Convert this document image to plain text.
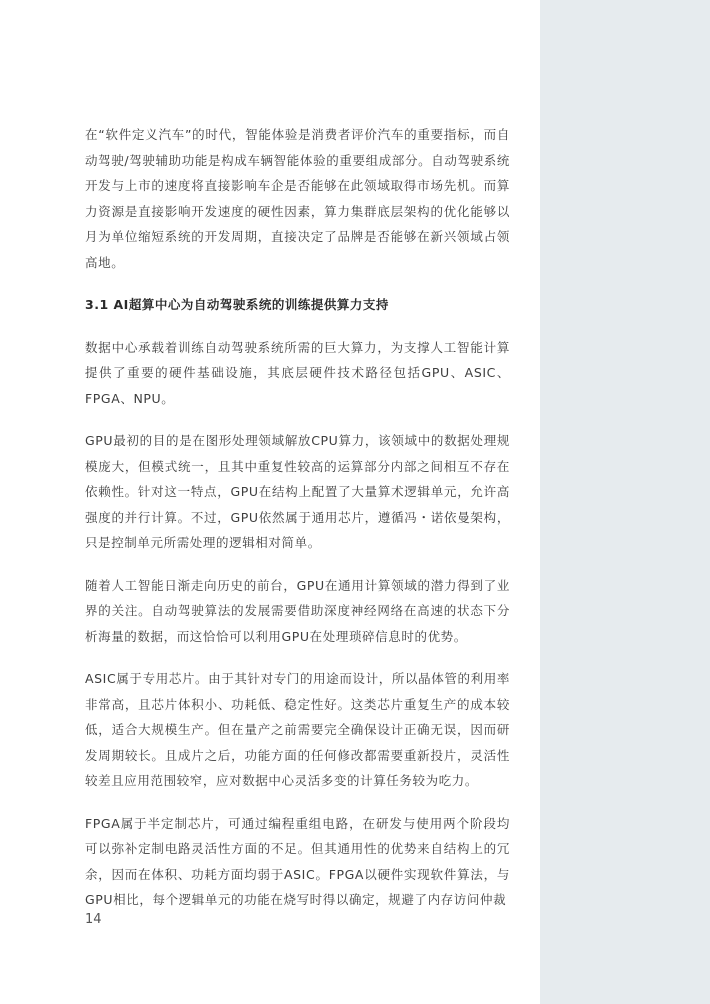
在“软件定义汽车”的时代，智能体验是消费者评价汽车的重要指标，而自动驾驶/驾驶辅助功能是构成车辆智能体验的重要组成部分。自动驾驶系统开发与上市的速度将直接影响车企是否能够在此领域取得市场先机。而算力资源是直接影响开发速度的硬性因素，算力集群底层架构的优化能够以月为单位缩短系统的开发周期，直接决定了品牌是否能够在新兴领域占领高地。

3.1 AI超算中心为自动驾驶系统的训练提供算力支持

数据中心承载着训练自动驾驶系统所需的巨大算力，为支撑人工智能计算提供了重要的硬件基础设施，其底层硬件技术路径包括GPU、ASIC、FPGA、NPU。

GPU最初的目的是在图形处理领域解放CPU算力，该领域中的数据处理规模庞大，但模式统一，且其中重复性较高的运算部分内部之间相互不存在依赖性。针对这一特点，GPU在结构上配置了大量算术逻辑单元，允许高强度的并行计算。不过，GPU依然属于通用芯片，遵循冯・诺依曼架构，只是控制单元所需处理的逻辑相对简单。

随着人工智能日渐走向历史的前台，GPU在通用计算领域的潜力得到了业界的关注。自动驾驶算法的发展需要借助深度神经网络在高速的状态下分析海量的数据，而这恰恰可以利用GPU在处理琐碎信息时的优势。

ASIC属于专用芯片。由于其针对专门的用途而设计，所以晶体管的利用率非常高，且芯片体积小、功耗低、稳定性好。这类芯片重复生产的成本较低，适合大规模生产。但在量产之前需要完全确保设计正确无误，因而研发周期较长。且成片之后，功能方面的任何修改都需要重新投片，灵活性较差且应用范围较窄，应对数据中心灵活多变的计算任务较为吃力。

FPGA属于半定制芯片，可通过编程重组电路，在研发与使用两个阶段均可以弥补定制电路灵活性方面的不足。但其通用性的优势来自结构上的冗余，因而在体积、功耗方面均弱于ASIC。FPGA以硬件实现软件算法，与GPU相比，每个逻辑单元的功能在烧写时得以确定，规避了内存访问仲裁

14
